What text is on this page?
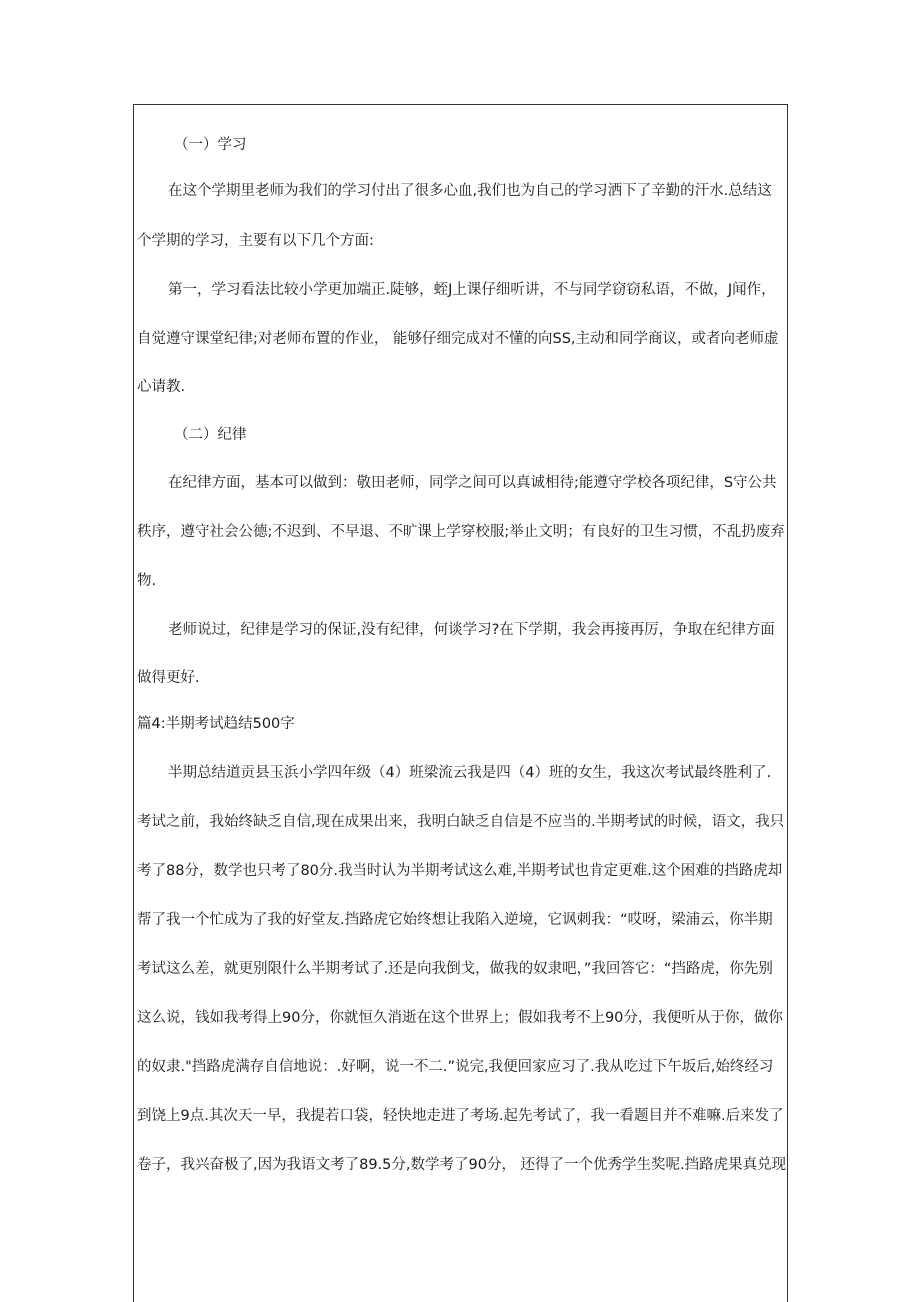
（一）学习
在这个学期里老师为我们的学习付出了很多心血,我们也为自己的学习洒下了辛勤的汗水.总结这
个学期的学习，主要有以下几个方面:
第一，学习看法比较小学更加端正.陡够，蛭J上课仔细听讲，不与同学窃窃私语，不做，J闻作，
自觉遵守课堂纪律;对老师布置的作业， 能够仔细完成对不懂的向SS,主动和同学商议，或者向老师虚
心请教.
（二）纪律
在纪律方面，基本可以做到：敬田老师，同学之间可以真诚相待;能遵守学校各项纪律，S守公共
秩序，遵守社会公德;不迟到、不早退、不旷课上学穿校服;举止文明；有良好的卫生习惯，不乱扔废弃
物.
老师说过，纪律是学习的保证,没有纪律，何谈学习?在下学期，我会再接再厉，争取在纪律方面
做得更好.
篇4:半期考试趋结500字
半期总结道贡县玉浜小学四年级（4）班梁流云我是四（4）班的女生，我这次考试最终胜利了.
考试之前，我始终缺乏自信,现在成果出来，我明白缺乏自信是不应当的.半期考试的时候，语文，我只
考了88分，数学也只考了80分.我当时认为半期考试这么难,半期考试也肯定更难.这个困难的挡路虎却
帮了我一个忙成为了我的好堂友.挡路虎它始终想让我陷入逆境，它讽刺我：“哎呀，梁浦云，你半期
考试这么差，就更别限什么半期考试了.还是向我倒戈，做我的奴隶吧，”我回答它：“挡路虎，你先别
这么说，钱如我考得上90分，你就恒久消逝在这个世界上；假如我考不上90分，我便听从于你，做你
的奴隶."挡路虎满存自信地说：.好啊，说一不二.”说完,我便回家应习了.我从吃过下午坂后,始终经习
到饶上9点.其次天一早，我提若口袋，轻快地走进了考场.起先考试了，我一看题目并不难嘛.后来发了
卷子，我兴奋极了,因为我语文考了89.5分,数学考了90分， 还得了一个优秀学生奖呢.挡路虎果真兑现
